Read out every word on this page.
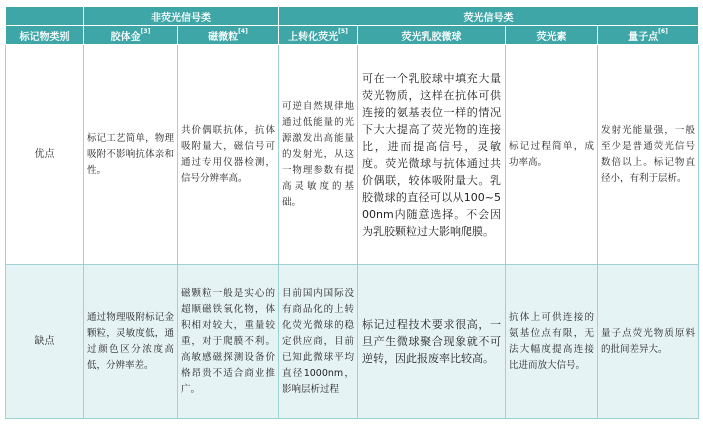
	非荧光信号类		荧光信号类			
标记物类别	胶体金[3]	磁微粒[4]	上转化荧光[5]	荧光乳胶微球	荧光素	量子点[6]
优点	标记工艺简单，物理吸附不影响抗体亲和性。	共价偶联抗体，抗体吸附量大，磁信号可通过专用仪器检测，信号分辨率高。	可逆自然规律地通过低能量的光源激发出高能量的发射光，从这一物理参数有提高灵敏度的基础。	可在一个乳胶球中填充大量荧光物质，这样在抗体可供连接的氨基表位一样的情况下大大提高了荧光物的连接比，进而提高信号，灵敏度。荧光微球与抗体通过共价偶联，较体吸附量大。乳胶微球的直径可以从100~500nm内随意选择。不会因为乳胶颗粒过大影响爬膜。	标记过程简单，成功率高。	发射光能量强，一般至少是普通荧光信号数倍以上。标记物直径小，有利于层析。
缺点	通过物理吸附标记金颗粒，灵敏度低，通过颜色区分浓度高低，分辨率差。	磁颗粒一般是实心的超顺磁铁氧化物，体积相对较大，重量较重，对于爬膜不利。高敏感磁探测设备价格昂贵不适合商业推广。	目前国内国际没有商品化的上转化荧光微球的稳定供应商，目前已知此微球平均直径1000nm，影响层析过程	标记过程技术要求很高，一旦产生微球聚合现象就不可逆转，因此报废率比较高。	抗体上可供连接的氨基位点有限，无法大幅度提高连接比进而放大信号。	量子点荧光物质原料的批间差异大。
